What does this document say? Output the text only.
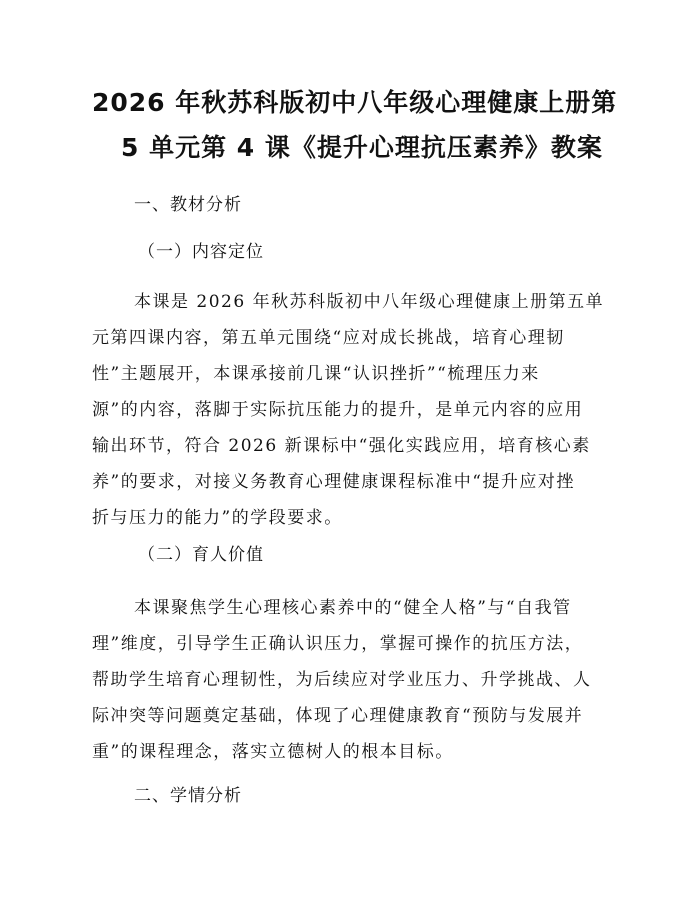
2026 年秋苏科版初中八年级心理健康上册第
5 单元第 4 课《提升心理抗压素养》教案
一、教材分析
（一）内容定位
本课是 2026 年秋苏科版初中八年级心理健康上册第五单
元第四课内容，第五单元围绕“应对成长挑战，培育心理韧
性”主题展开，本课承接前几课“认识挫折”“梳理压力来
源”的内容，落脚于实际抗压能力的提升，是单元内容的应用
输出环节，符合 2026 新课标中“强化实践应用，培育核心素
养”的要求，对接义务教育心理健康课程标准中“提升应对挫
折与压力的能力”的学段要求。
（二）育人价值
本课聚焦学生心理核心素养中的“健全人格”与“自我管
理”维度，引导学生正确认识压力，掌握可操作的抗压方法，
帮助学生培育心理韧性，为后续应对学业压力、升学挑战、人
际冲突等问题奠定基础，体现了心理健康教育“预防与发展并
重”的课程理念，落实立德树人的根本目标。
二、学情分析
